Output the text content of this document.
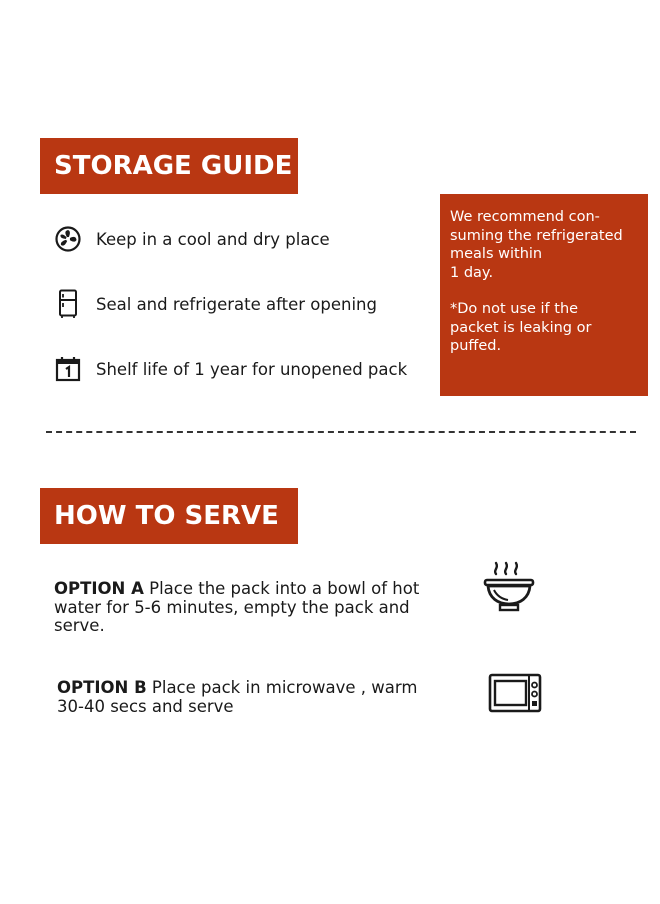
STORAGE GUIDE
Keep in a cool and dry place
Seal and refrigerate after opening
Shelf life of 1 year for unopened pack

We recommend con-
suming the refrigerated
meals within
1 day.

*Do not use if the
packet is leaking or
puffed.

HOW TO SERVE
OPTION A Place the pack into a bowl of hot
water for 5-6 minutes, empty the pack and
serve.
OPTION B Place pack in microwave , warm
30-40 secs and serve
